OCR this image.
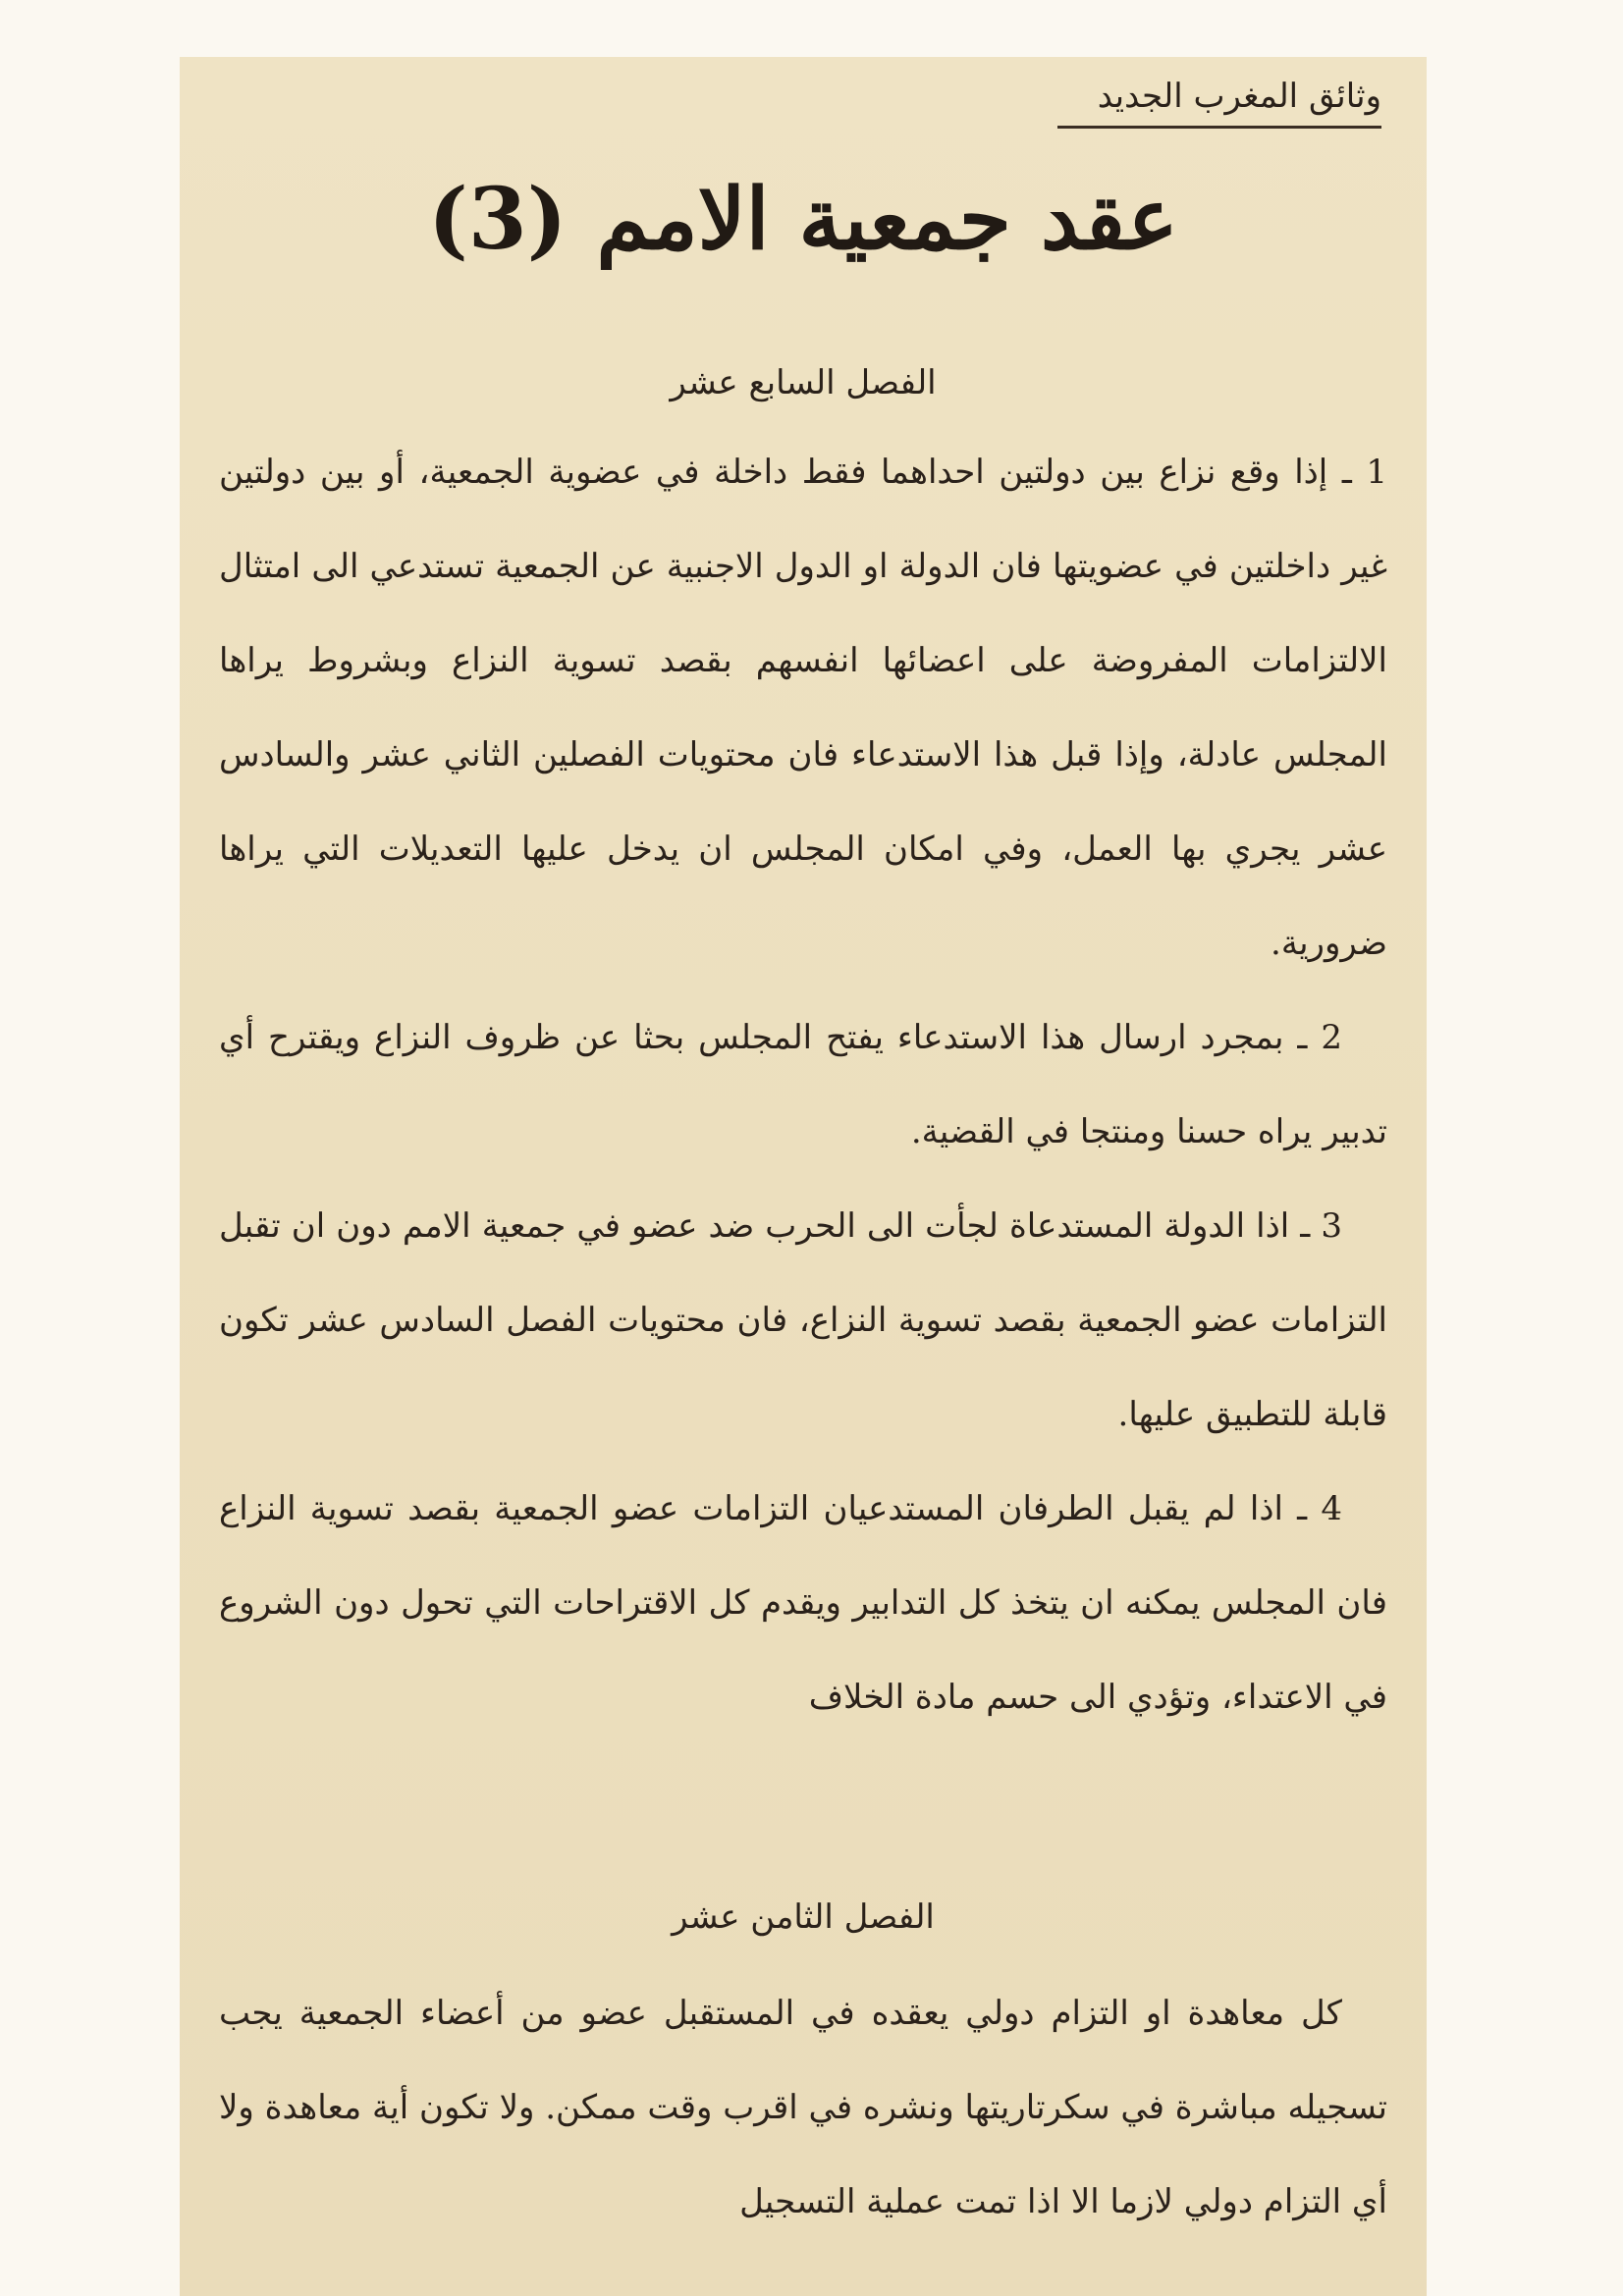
وثائق المغرب الجديد
عقد جمعية الامم (3)
الفصل السابع عشر

1 ـ إذا وقع نزاع بين دولتين احداهما فقط داخلة في عضوية الجمعية، أو بين دولتين غير داخلتين في عضويتها فان الدولة او الدول الاجنبية عن الجمعية تستدعي الى امتثال الالتزامات المفروضة على اعضائها انفسهم بقصد تسوية النزاع وبشروط يراها المجلس عادلة، وإذا قبل هذا الاستدعاء فان محتويات الفصلين الثاني عشر والسادس عشر يجري بها العمل، وفي امكان المجلس ان يدخل عليها التعديلات التي يراها ضرورية.

2 ـ بمجرد ارسال هذا الاستدعاء يفتح المجلس بحثا عن ظروف النزاع ويقترح أي تدبير يراه حسنا ومنتجا في القضية.

3 ـ اذا الدولة المستدعاة لجأت الى الحرب ضد عضو في جمعية الامم دون ان تقبل التزامات عضو الجمعية بقصد تسوية النزاع، فان محتويات الفصل السادس عشر تكون قابلة للتطبيق عليها.

4 ـ اذا لم يقبل الطرفان المستدعيان التزامات عضو الجمعية بقصد تسوية النزاع فان المجلس يمكنه ان يتخذ كل التدابير ويقدم كل الاقتراحات التي تحول دون الشروع في الاعتداء، وتؤدي الى حسم مادة الخلاف

الفصل الثامن عشر

كل معاهدة او التزام دولي يعقده في المستقبل عضو من أعضاء الجمعية يجب تسجيله مباشرة في سكرتاريتها ونشره في اقرب وقت ممكن. ولا تكون أية معاهدة ولا أي التزام دولي لازما الا اذا تمت عملية التسجيل
